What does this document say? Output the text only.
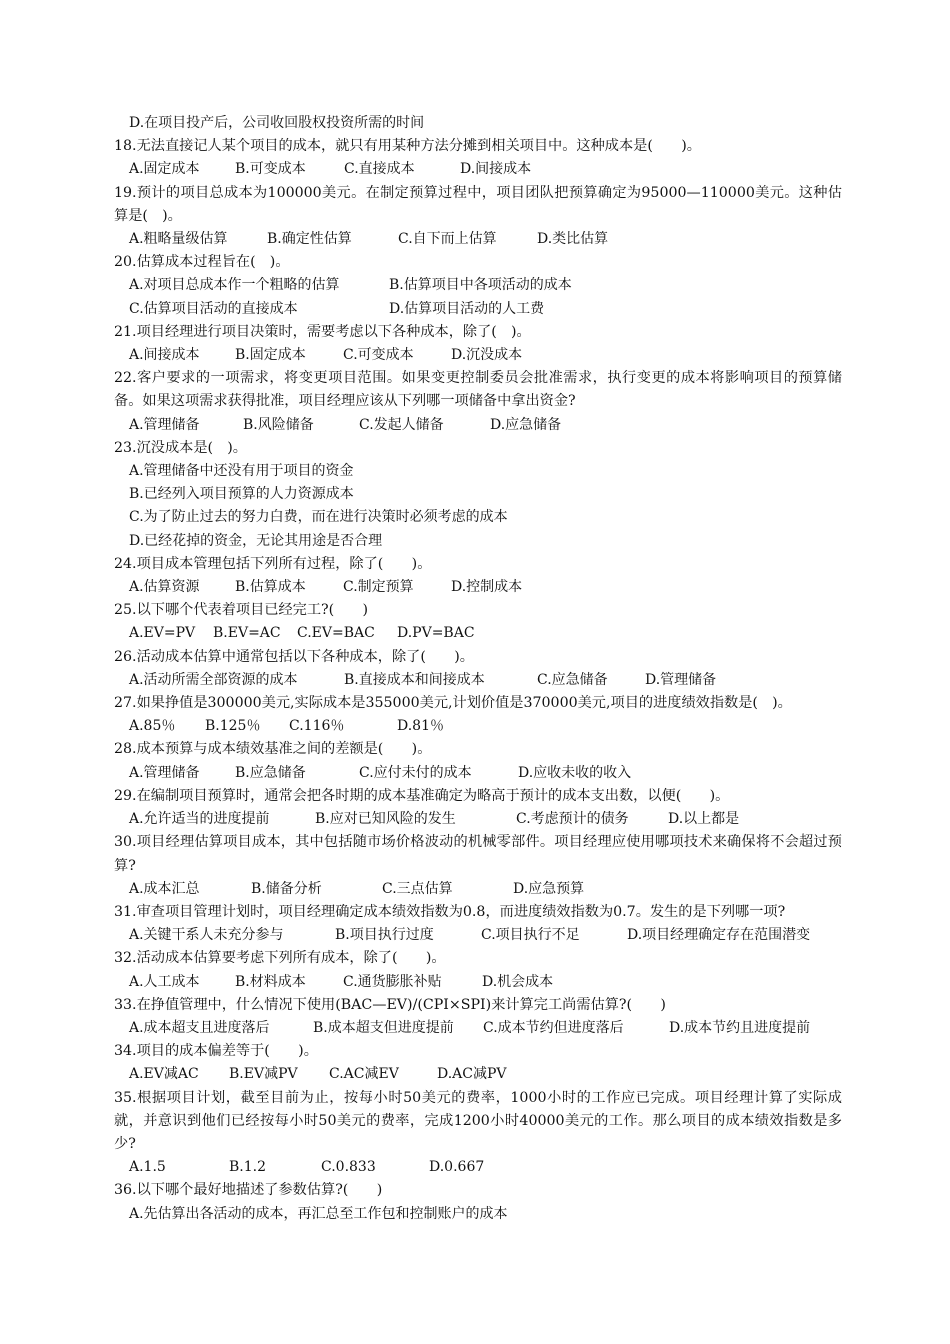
D.在项目投产后，公司收回股权投资所需的时间
18.无法直接记人某个项目的成本，就只有用某种方法分摊到相关项目中。这种成本是(　　)。
A.固定成本	B.可变成本	C.直接成本	D.间接成本
19.预计的项目总成本为100000美元。在制定预算过程中，项目团队把预算确定为95000—110000美元。这种估算是(　)。
A.粗略量级估算	B.确定性估算	C.自下而上估算	D.类比估算
20.估算成本过程旨在(　)。
A.对项目总成本作一个粗略的估算	B.估算项目中各项活动的成本
C.估算项目活动的直接成本	D.估算项目活动的人工费
21.项目经理进行项目决策时，需要考虑以下各种成本，除了(　)。
A.间接成本	B.固定成本	C.可变成本	D.沉没成本
22.客户要求的一项需求，将变更项目范围。如果变更控制委员会批准需求，执行变更的成本将影响项目的预算储备。如果这项需求获得批准，项目经理应该从下列哪一项储备中拿出资金?
A.管理储备	B.风险储备	C.发起人储备	D.应急储备
23.沉没成本是(　)。
A.管理储备中还没有用于项目的资金
B.已经列入项目预算的人力资源成本
C.为了防止过去的努力白费，而在进行决策时必须考虑的成本
D.已经花掉的资金，无论其用途是否合理
24.项目成本管理包括下列所有过程，除了(　　)。
A.估算资源	B.估算成本	C.制定预算	D.控制成本
25.以下哪个代表着项目已经完工?(　　)
A.EV=PV B.EV=AC C.EV=BAC D.PV=BAC
26.活动成本估算中通常包括以下各种成本，除了(　　)。
A.活动所需全部资源的成本	B.直接成本和间接成本	C.应急储备	D.管理储备
27.如果挣值是300000美元,实际成本是355000美元,计划价值是370000美元,项目的进度绩效指数是(　)。
A.85％ B.125％ C.116％	D.81％
28.成本预算与成本绩效基准之间的差额是(　　)。
A.管理储备	B.应急储备	C.应付未付的成本	D.应收未收的收入
29.在编制项目预算时，通常会把各时期的成本基准确定为略高于预计的成本支出数，以便(　　)。
A.允许适当的进度提前	B.应对已知风险的发生	C.考虑预计的债务	D.以上都是
30.项目经理估算项目成本，其中包括随市场价格波动的机械零部件。项目经理应使用哪项技术来确保将不会超过预算?
A.成本汇总	B.储备分析	C.三点估算	D.应急预算
31.审查项目管理计划时，项目经理确定成本绩效指数为0.8，而进度绩效指数为0.7。发生的是下列哪一项?
A.关键干系人未充分参与	B.项目执行过度	C.项目执行不足	D.项目经理确定存在范围潜变
32.活动成本估算要考虑下列所有成本，除了(　　)。
A.人工成本	B.材料成本	C.通货膨胀补贴	D.机会成本
33.在挣值管理中，什么情况下使用(BAC—EV)/(CPI×SPI)来计算完工尚需估算?(　　)
A.成本超支且进度落后	B.成本超支但进度提前 C.成本节约但进度落后	D.成本节约且进度提前
34.项目的成本偏差等于(　　)。
A.EV减AC B.EV减PV C.AC减EV	D.AC减PV
35.根据项目计划，截至目前为止，按每小时50美元的费率，1000小时的工作应已完成。项目经理计算了实际成就，并意识到他们已经按每小时50美元的费率，完成1200小时40000美元的工作。那么项目的成本绩效指数是多少?
A.1.5	B.1.2	C.0.833	D.0.667
36.以下哪个最好地描述了参数估算?(　　)
A.先估算出各活动的成本，再汇总至工作包和控制账户的成本
